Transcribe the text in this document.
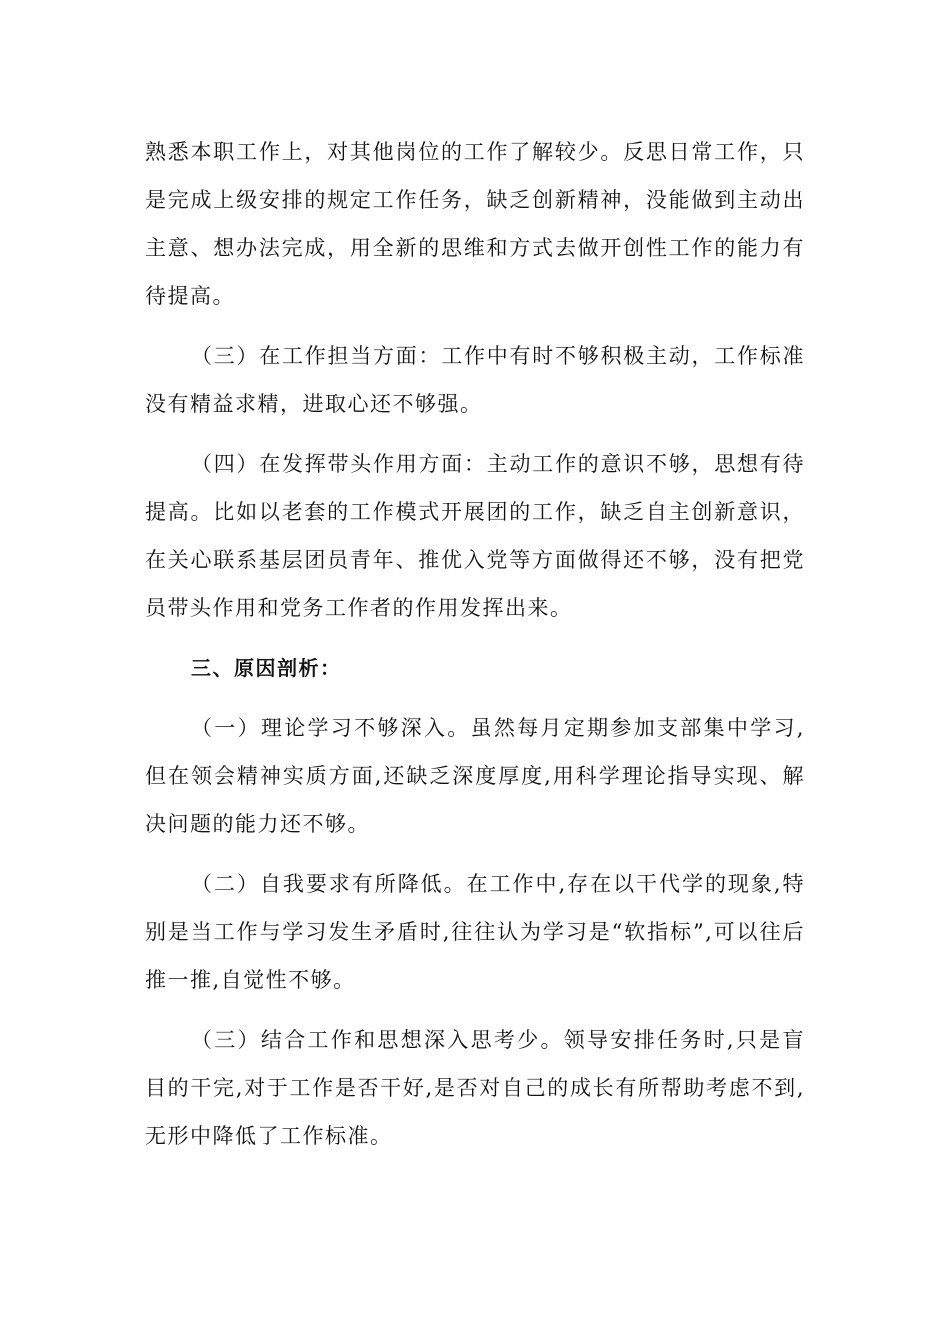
熟悉本职工作上，对其他岗位的工作了解较少。反思日常工作，只是完成上级安排的规定工作任务，缺乏创新精神，没能做到主动出主意、想办法完成，用全新的思维和方式去做开创性工作的能力有待提高。

（三）在工作担当方面：工作中有时不够积极主动，工作标准没有精益求精，进取心还不够强。

（四）在发挥带头作用方面：主动工作的意识不够，思想有待提高。比如以老套的工作模式开展团的工作，缺乏自主创新意识，在关心联系基层团员青年、推优入党等方面做得还不够，没有把党员带头作用和党务工作者的作用发挥出来。

三、原因剖析：

（一）理论学习不够深入。虽然每月定期参加支部集中学习,但在领会精神实质方面,还缺乏深度厚度,用科学理论指导实现、解决问题的能力还不够。

（二）自我要求有所降低。在工作中,存在以干代学的现象,特别是当工作与学习发生矛盾时,往往认为学习是“软指标”,可以往后推一推,自觉性不够。

（三）结合工作和思想深入思考少。领导安排任务时,只是盲目的干完,对于工作是否干好,是否对自己的成长有所帮助考虑不到,无形中降低了工作标准。
